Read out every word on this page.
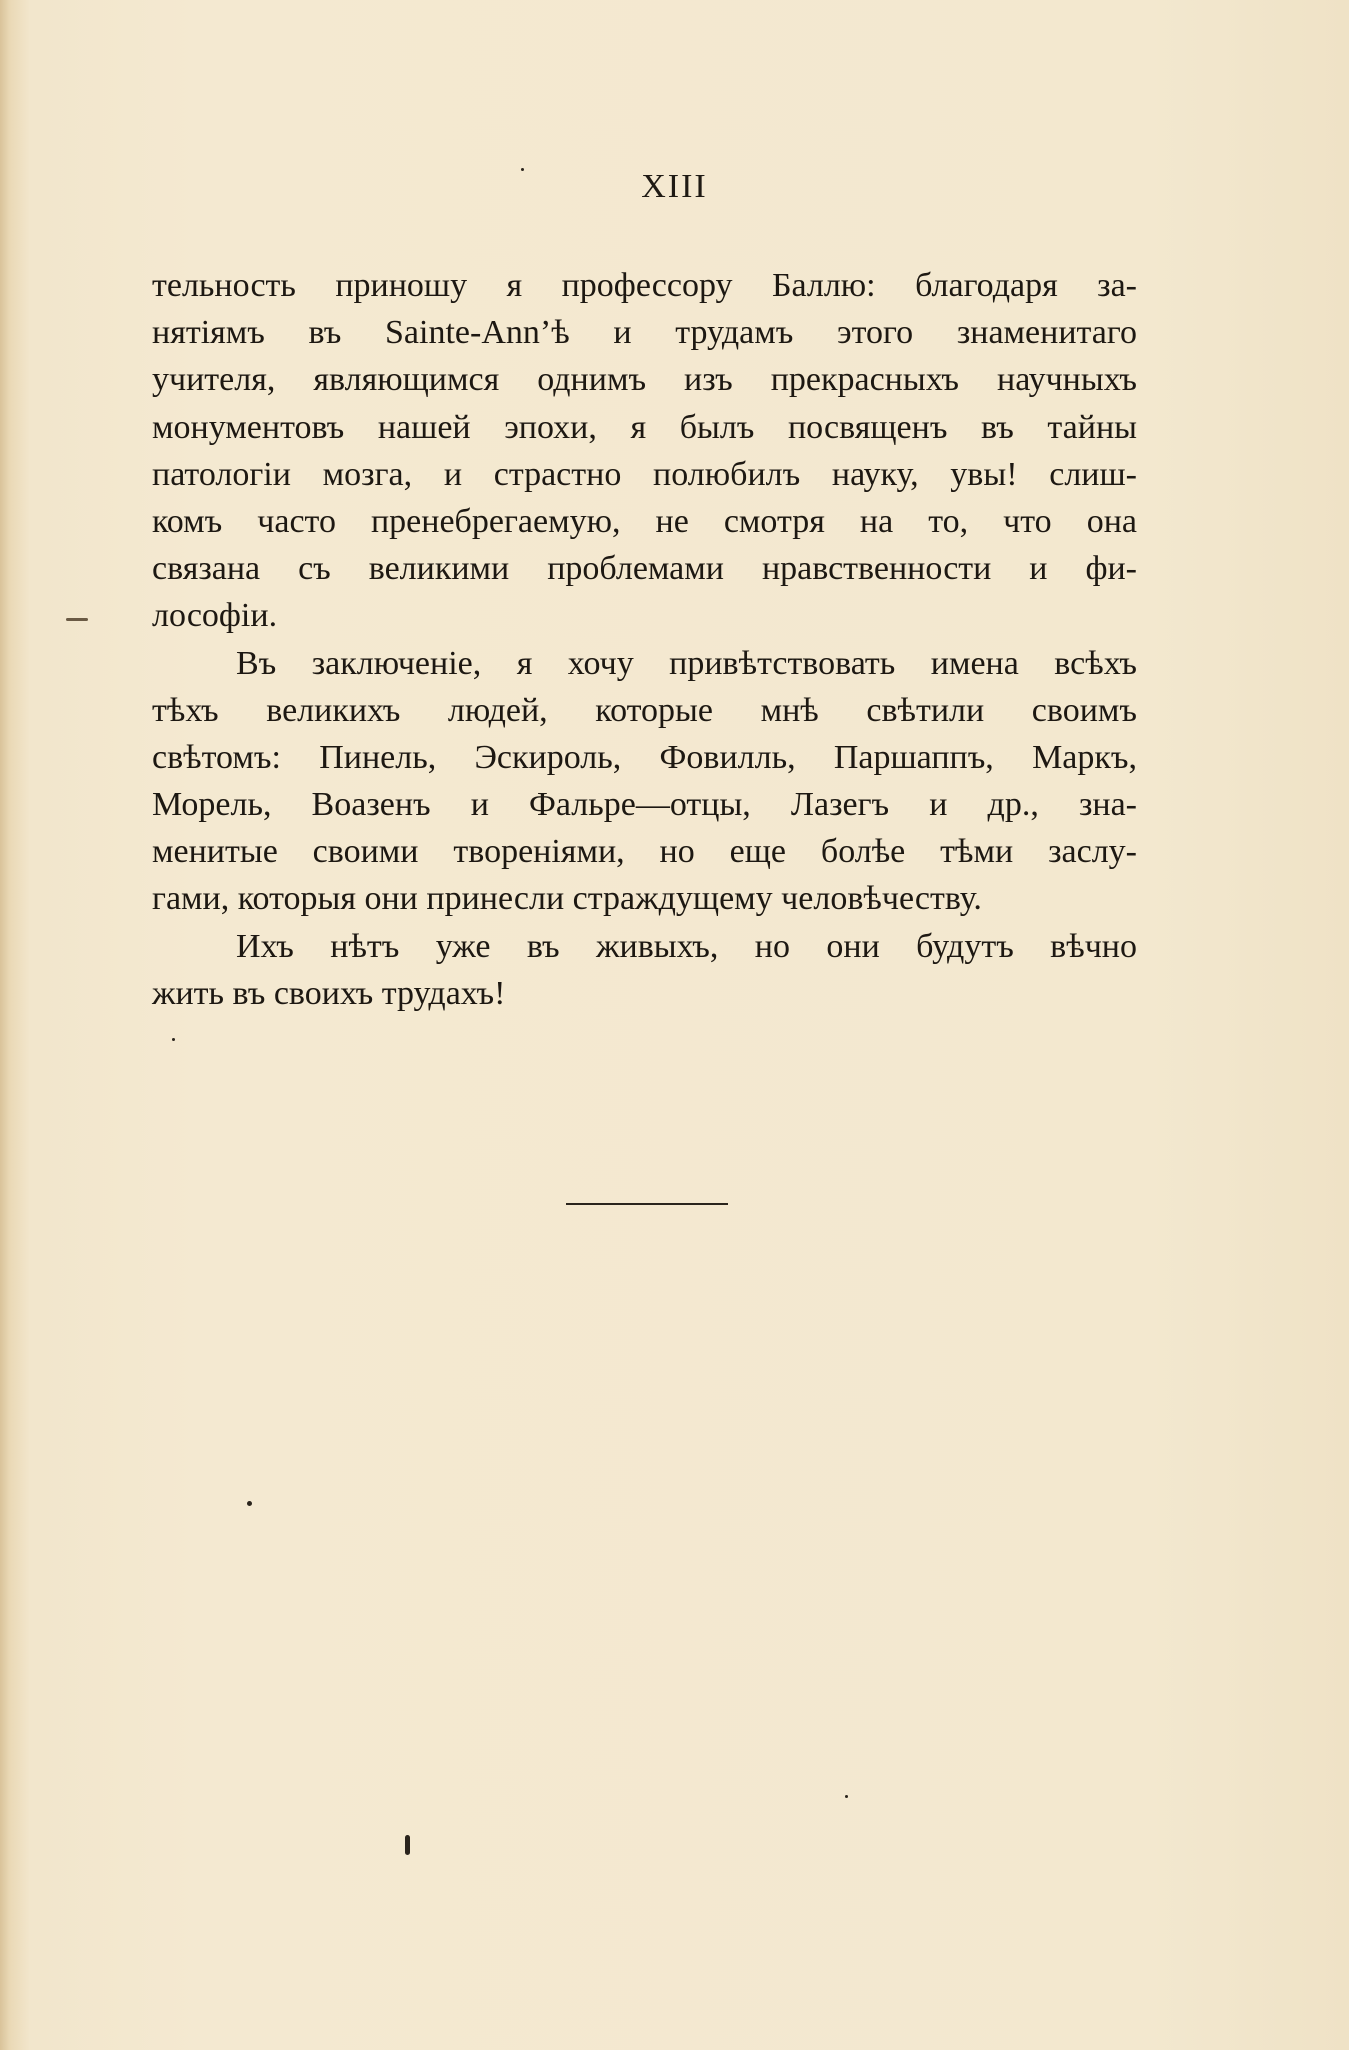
XIII
тельность приношу я профессору Баллю: благодаря за-
нятіямъ въ Sainte-Ann’ѣ и трудамъ этого знаменитаго
учителя, являющимся однимъ изъ прекрасныхъ научныхъ
монументовъ нашей эпохи, я былъ посвященъ въ тайны
патологіи мозга, и страстно полюбилъ науку, увы! слиш-
комъ часто пренебрегаемую, не смотря на то, что она
связана съ великими проблемами нравственности и фи-
лософіи.
Въ заключеніе, я хочу привѣтствовать имена всѣхъ
тѣхъ великихъ людей, которые мнѣ свѣтили своимъ
свѣтомъ: Пинель, Эскироль, Фовилль, Паршаппъ, Маркъ,
Морель, Воазенъ и Фальре—отцы, Лазегъ и др., зна-
менитые своими твореніями, но еще болѣе тѣми заслу-
гами, которыя они принесли страждущему человѣчеству.
Ихъ нѣтъ уже въ живыхъ, но они будутъ вѣчно
жить въ своихъ трудахъ!
